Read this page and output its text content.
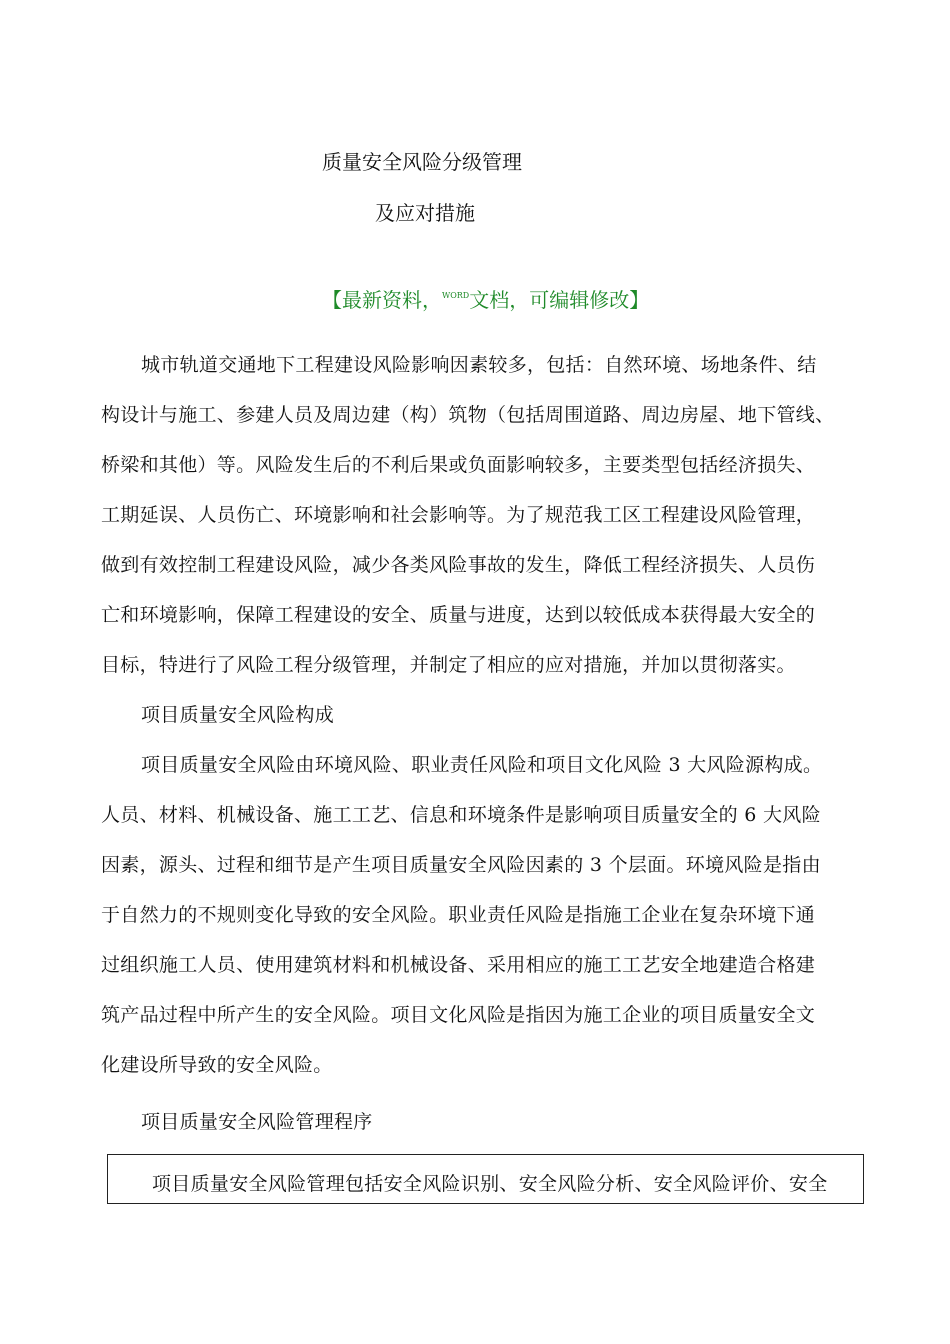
质量安全风险分级管理
及应对措施
【最新资料，$^{WORD}$文档，可编辑修改】
城市轨道交通地下工程建设风险影响因素较多，包括：自然环境、场地条件、结
构设计与施工、参建人员及周边建（构）筑物（包括周围道路、周边房屋、地下管线、
桥梁和其他）等。风险发生后的不利后果或负面影响较多，主要类型包括经济损失、
工期延误、人员伤亡、环境影响和社会影响等。为了规范我工区工程建设风险管理，
做到有效控制工程建设风险，减少各类风险事故的发生，降低工程经济损失、人员伤
亡和环境影响，保障工程建设的安全、质量与进度，达到以较低成本获得最大安全的
目标，特进行了风险工程分级管理，并制定了相应的应对措施，并加以贯彻落实。
项目质量安全风险构成
项目质量安全风险由环境风险、职业责任风险和项目文化风险 3 大风险源构成。
人员、材料、机械设备、施工工艺、信息和环境条件是影响项目质量安全的 6 大风险
因素，源头、过程和细节是产生项目质量安全风险因素的 3 个层面。环境风险是指由
于自然力的不规则变化导致的安全风险。职业责任风险是指施工企业在复杂环境下通
过组织施工人员、使用建筑材料和机械设备、采用相应的施工工艺安全地建造合格建
筑产品过程中所产生的安全风险。项目文化风险是指因为施工企业的项目质量安全文
化建设所导致的安全风险。
项目质量安全风险管理程序
项目质量安全风险管理包括安全风险识别、安全风险分析、安全风险评价、安全
